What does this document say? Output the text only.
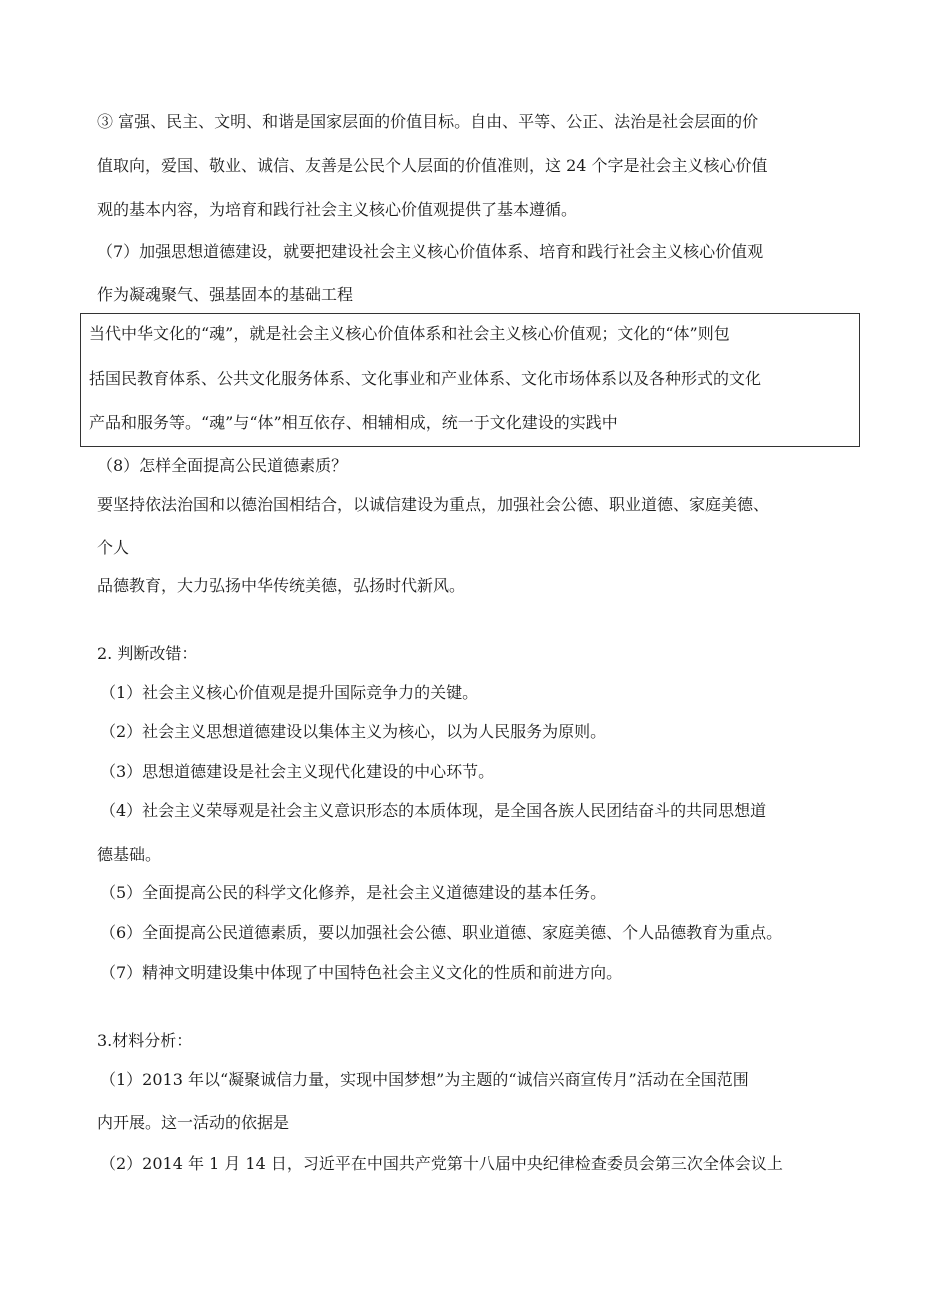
③ 富强、民主、文明、和谐是国家层面的价值目标。自由、平等、公正、法治是社会层面的价
值取向，爱国、敬业、诚信、友善是公民个人层面的价值准则，这 24 个字是社会主义核心价值
观的基本内容，为培育和践行社会主义核心价值观提供了基本遵循。
（7）加强思想道德建设，就要把建设社会主义核心价值体系、培育和践行社会主义核心价值观
作为凝魂聚气、强基固本的基础工程
当代中华文化的“魂”，就是社会主义核心价值体系和社会主义核心价值观；文化的“体”则包
括国民教育体系、公共文化服务体系、文化事业和产业体系、文化市场体系以及各种形式的文化
产品和服务等。“魂”与“体”相互依存、相辅相成，统一于文化建设的实践中
（8）怎样全面提高公民道德素质？
要坚持依法治国和以德治国相结合，以诚信建设为重点，加强社会公德、职业道德、家庭美德、
个人
品德教育，大力弘扬中华传统美德，弘扬时代新风。
2. 判断改错：
（1）社会主义核心价值观是提升国际竞争力的关键。
（2）社会主义思想道德建设以集体主义为核心，以为人民服务为原则。
（3）思想道德建设是社会主义现代化建设的中心环节。
（4）社会主义荣辱观是社会主义意识形态的本质体现，是全国各族人民团结奋斗的共同思想道
德基础。
（5）全面提高公民的科学文化修养，是社会主义道德建设的基本任务。
（6）全面提高公民道德素质，要以加强社会公德、职业道德、家庭美德、个人品德教育为重点。
（7）精神文明建设集中体现了中国特色社会主义文化的性质和前进方向。
3.材料分析：
（1）2013 年以“凝聚诚信力量，实现中国梦想”为主题的“诚信兴商宣传月”活动在全国范围
内开展。这一活动的依据是
（2）2014 年 1 月 14 日，习近平在中国共产党第十八届中央纪律检查委员会第三次全体会议上
